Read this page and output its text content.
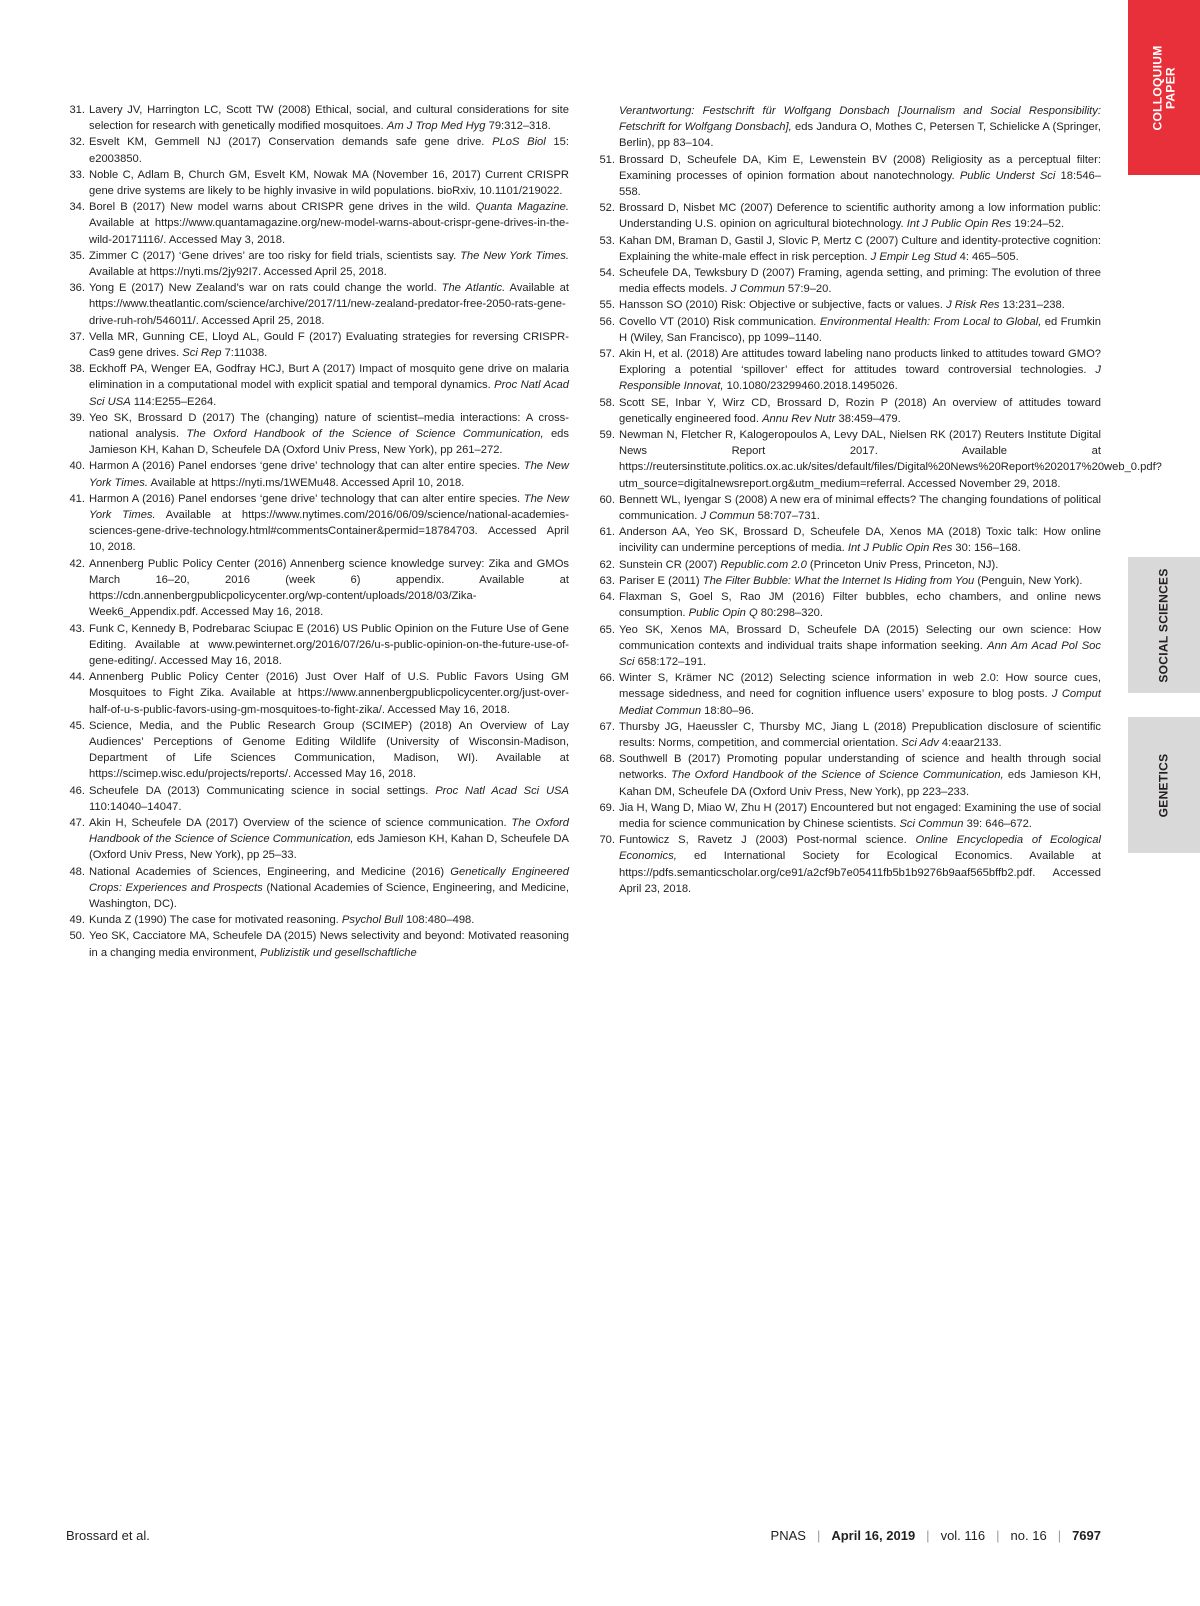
COLLOQUIUM PAPER
SOCIAL SCIENCES
GENETICS
31. Lavery JV, Harrington LC, Scott TW (2008) Ethical, social, and cultural considerations for site selection for research with genetically modified mosquitoes. Am J Trop Med Hyg 79:312–318.
32. Esvelt KM, Gemmell NJ (2017) Conservation demands safe gene drive. PLoS Biol 15: e2003850.
33. Noble C, Adlam B, Church GM, Esvelt KM, Nowak MA (November 16, 2017) Current CRISPR gene drive systems are likely to be highly invasive in wild populations. bioRxiv, 10.1101/219022.
34. Borel B (2017) New model warns about CRISPR gene drives in the wild. Quanta Magazine. Available at https://www.quantamagazine.org/new-model-warns-about-crispr-gene-drives-in-the-wild-20171116/. Accessed May 3, 2018.
35. Zimmer C (2017) ‘Gene drives’ are too risky for field trials, scientists say. The New York Times. Available at https://nyti.ms/2jy92I7. Accessed April 25, 2018.
36. Yong E (2017) New Zealand’s war on rats could change the world. The Atlantic. Available at https://www.theatlantic.com/science/archive/2017/11/new-zealand-predator-free-2050-rats-gene-drive-ruh-roh/546011/. Accessed April 25, 2018.
37. Vella MR, Gunning CE, Lloyd AL, Gould F (2017) Evaluating strategies for reversing CRISPR-Cas9 gene drives. Sci Rep 7:11038.
38. Eckhoff PA, Wenger EA, Godfray HCJ, Burt A (2017) Impact of mosquito gene drive on malaria elimination in a computational model with explicit spatial and temporal dynamics. Proc Natl Acad Sci USA 114:E255–E264.
39. Yeo SK, Brossard D (2017) The (changing) nature of scientist–media interactions: A cross-national analysis. The Oxford Handbook of the Science of Science Communication, eds Jamieson KH, Kahan D, Scheufele DA (Oxford Univ Press, New York), pp 261–272.
40. Harmon A (2016) Panel endorses ‘gene drive’ technology that can alter entire species. The New York Times. Available at https://nyti.ms/1WEMu48. Accessed April 10, 2018.
41. Harmon A (2016) Panel endorses ‘gene drive’ technology that can alter entire species. The New York Times. Available at https://www.nytimes.com/2016/06/09/science/national-academies-sciences-gene-drive-technology.html#commentsContainer&permid=18784703. Accessed April 10, 2018.
42. Annenberg Public Policy Center (2016) Annenberg science knowledge survey: Zika and GMOs March 16–20, 2016 (week 6) appendix. Available at https://cdn.annenbergpublicpolicycenter.org/wp-content/uploads/2018/03/Zika-Week6_Appendix.pdf. Accessed May 16, 2018.
43. Funk C, Kennedy B, Podrebarac Sciupac E (2016) US Public Opinion on the Future Use of Gene Editing. Available at www.pewinternet.org/2016/07/26/u-s-public-opinion-on-the-future-use-of-gene-editing/. Accessed May 16, 2018.
44. Annenberg Public Policy Center (2016) Just Over Half of U.S. Public Favors Using GM Mosquitoes to Fight Zika. Available at https://www.annenbergpublicpolicycenter.org/just-over-half-of-u-s-public-favors-using-gm-mosquitoes-to-fight-zika/. Accessed May 16, 2018.
45. Science, Media, and the Public Research Group (SCIMEP) (2018) An Overview of Lay Audiences’ Perceptions of Genome Editing Wildlife (University of Wisconsin-Madison, Department of Life Sciences Communication, Madison, WI). Available at https://scimep.wisc.edu/projects/reports/. Accessed May 16, 2018.
46. Scheufele DA (2013) Communicating science in social settings. Proc Natl Acad Sci USA 110:14040–14047.
47. Akin H, Scheufele DA (2017) Overview of the science of science communication. The Oxford Handbook of the Science of Science Communication, eds Jamieson KH, Kahan D, Scheufele DA (Oxford Univ Press, New York), pp 25–33.
48. National Academies of Sciences, Engineering, and Medicine (2016) Genetically Engineered Crops: Experiences and Prospects (National Academies of Science, Engineering, and Medicine, Washington, DC).
49. Kunda Z (1990) The case for motivated reasoning. Psychol Bull 108:480–498.
50. Yeo SK, Cacciatore MA, Scheufele DA (2015) News selectivity and beyond: Motivated reasoning in a changing media environment, Publizistik und gesellschaftliche
Verantwortung: Festschrift für Wolfgang Donsbach [Journalism and Social Responsibility: Fetschrift for Wolfgang Donsbach], eds Jandura O, Mothes C, Petersen T, Schielicke A (Springer, Berlin), pp 83–104.
51. Brossard D, Scheufele DA, Kim E, Lewenstein BV (2008) Religiosity as a perceptual filter: Examining processes of opinion formation about nanotechnology. Public Underst Sci 18:546–558.
52. Brossard D, Nisbet MC (2007) Deference to scientific authority among a low information public: Understanding U.S. opinion on agricultural biotechnology. Int J Public Opin Res 19:24–52.
53. Kahan DM, Braman D, Gastil J, Slovic P, Mertz C (2007) Culture and identity-protective cognition: Explaining the white-male effect in risk perception. J Empir Leg Stud 4: 465–505.
54. Scheufele DA, Tewksbury D (2007) Framing, agenda setting, and priming: The evolution of three media effects models. J Commun 57:9–20.
55. Hansson SO (2010) Risk: Objective or subjective, facts or values. J Risk Res 13:231–238.
56. Covello VT (2010) Risk communication. Environmental Health: From Local to Global, ed Frumkin H (Wiley, San Francisco), pp 1099–1140.
57. Akin H, et al. (2018) Are attitudes toward labeling nano products linked to attitudes toward GMO? Exploring a potential ‘spillover’ effect for attitudes toward controversial technologies. J Responsible Innovat, 10.1080/23299460.2018.1495026.
58. Scott SE, Inbar Y, Wirz CD, Brossard D, Rozin P (2018) An overview of attitudes toward genetically engineered food. Annu Rev Nutr 38:459–479.
59. Newman N, Fletcher R, Kalogeropoulos A, Levy DAL, Nielsen RK (2017) Reuters Institute Digital News Report 2017. Available at https://reutersinstitute.politics.ox.ac.uk/sites/default/files/Digital%20News%20Report%202017%20web_0.pdf?utm_source=digitalnewsreport.org&utm_medium=referral. Accessed November 29, 2018.
60. Bennett WL, Iyengar S (2008) A new era of minimal effects? The changing foundations of political communication. J Commun 58:707–731.
61. Anderson AA, Yeo SK, Brossard D, Scheufele DA, Xenos MA (2018) Toxic talk: How online incivility can undermine perceptions of media. Int J Public Opin Res 30: 156–168.
62. Sunstein CR (2007) Republic.com 2.0 (Princeton Univ Press, Princeton, NJ).
63. Pariser E (2011) The Filter Bubble: What the Internet Is Hiding from You (Penguin, New York).
64. Flaxman S, Goel S, Rao JM (2016) Filter bubbles, echo chambers, and online news consumption. Public Opin Q 80:298–320.
65. Yeo SK, Xenos MA, Brossard D, Scheufele DA (2015) Selecting our own science: How communication contexts and individual traits shape information seeking. Ann Am Acad Pol Soc Sci 658:172–191.
66. Winter S, Krämer NC (2012) Selecting science information in web 2.0: How source cues, message sidedness, and need for cognition influence users’ exposure to blog posts. J Comput Mediat Commun 18:80–96.
67. Thursby JG, Haeussler C, Thursby MC, Jiang L (2018) Prepublication disclosure of scientific results: Norms, competition, and commercial orientation. Sci Adv 4:eaar2133.
68. Southwell B (2017) Promoting popular understanding of science and health through social networks. The Oxford Handbook of the Science of Science Communication, eds Jamieson KH, Kahan DM, Scheufele DA (Oxford Univ Press, New York), pp 223–233.
69. Jia H, Wang D, Miao W, Zhu H (2017) Encountered but not engaged: Examining the use of social media for science communication by Chinese scientists. Sci Commun 39: 646–672.
70. Funtowicz S, Ravetz J (2003) Post-normal science. Online Encyclopedia of Ecological Economics, ed International Society for Ecological Economics. Available at https://pdfs.semanticscholar.org/ce91/a2cf9b7e05411fb5b1b9276b9aaf565bffb2.pdf. Accessed April 23, 2018.
Brossard et al.	PNAS | April 16, 2019 | vol. 116 | no. 16 | 7697
